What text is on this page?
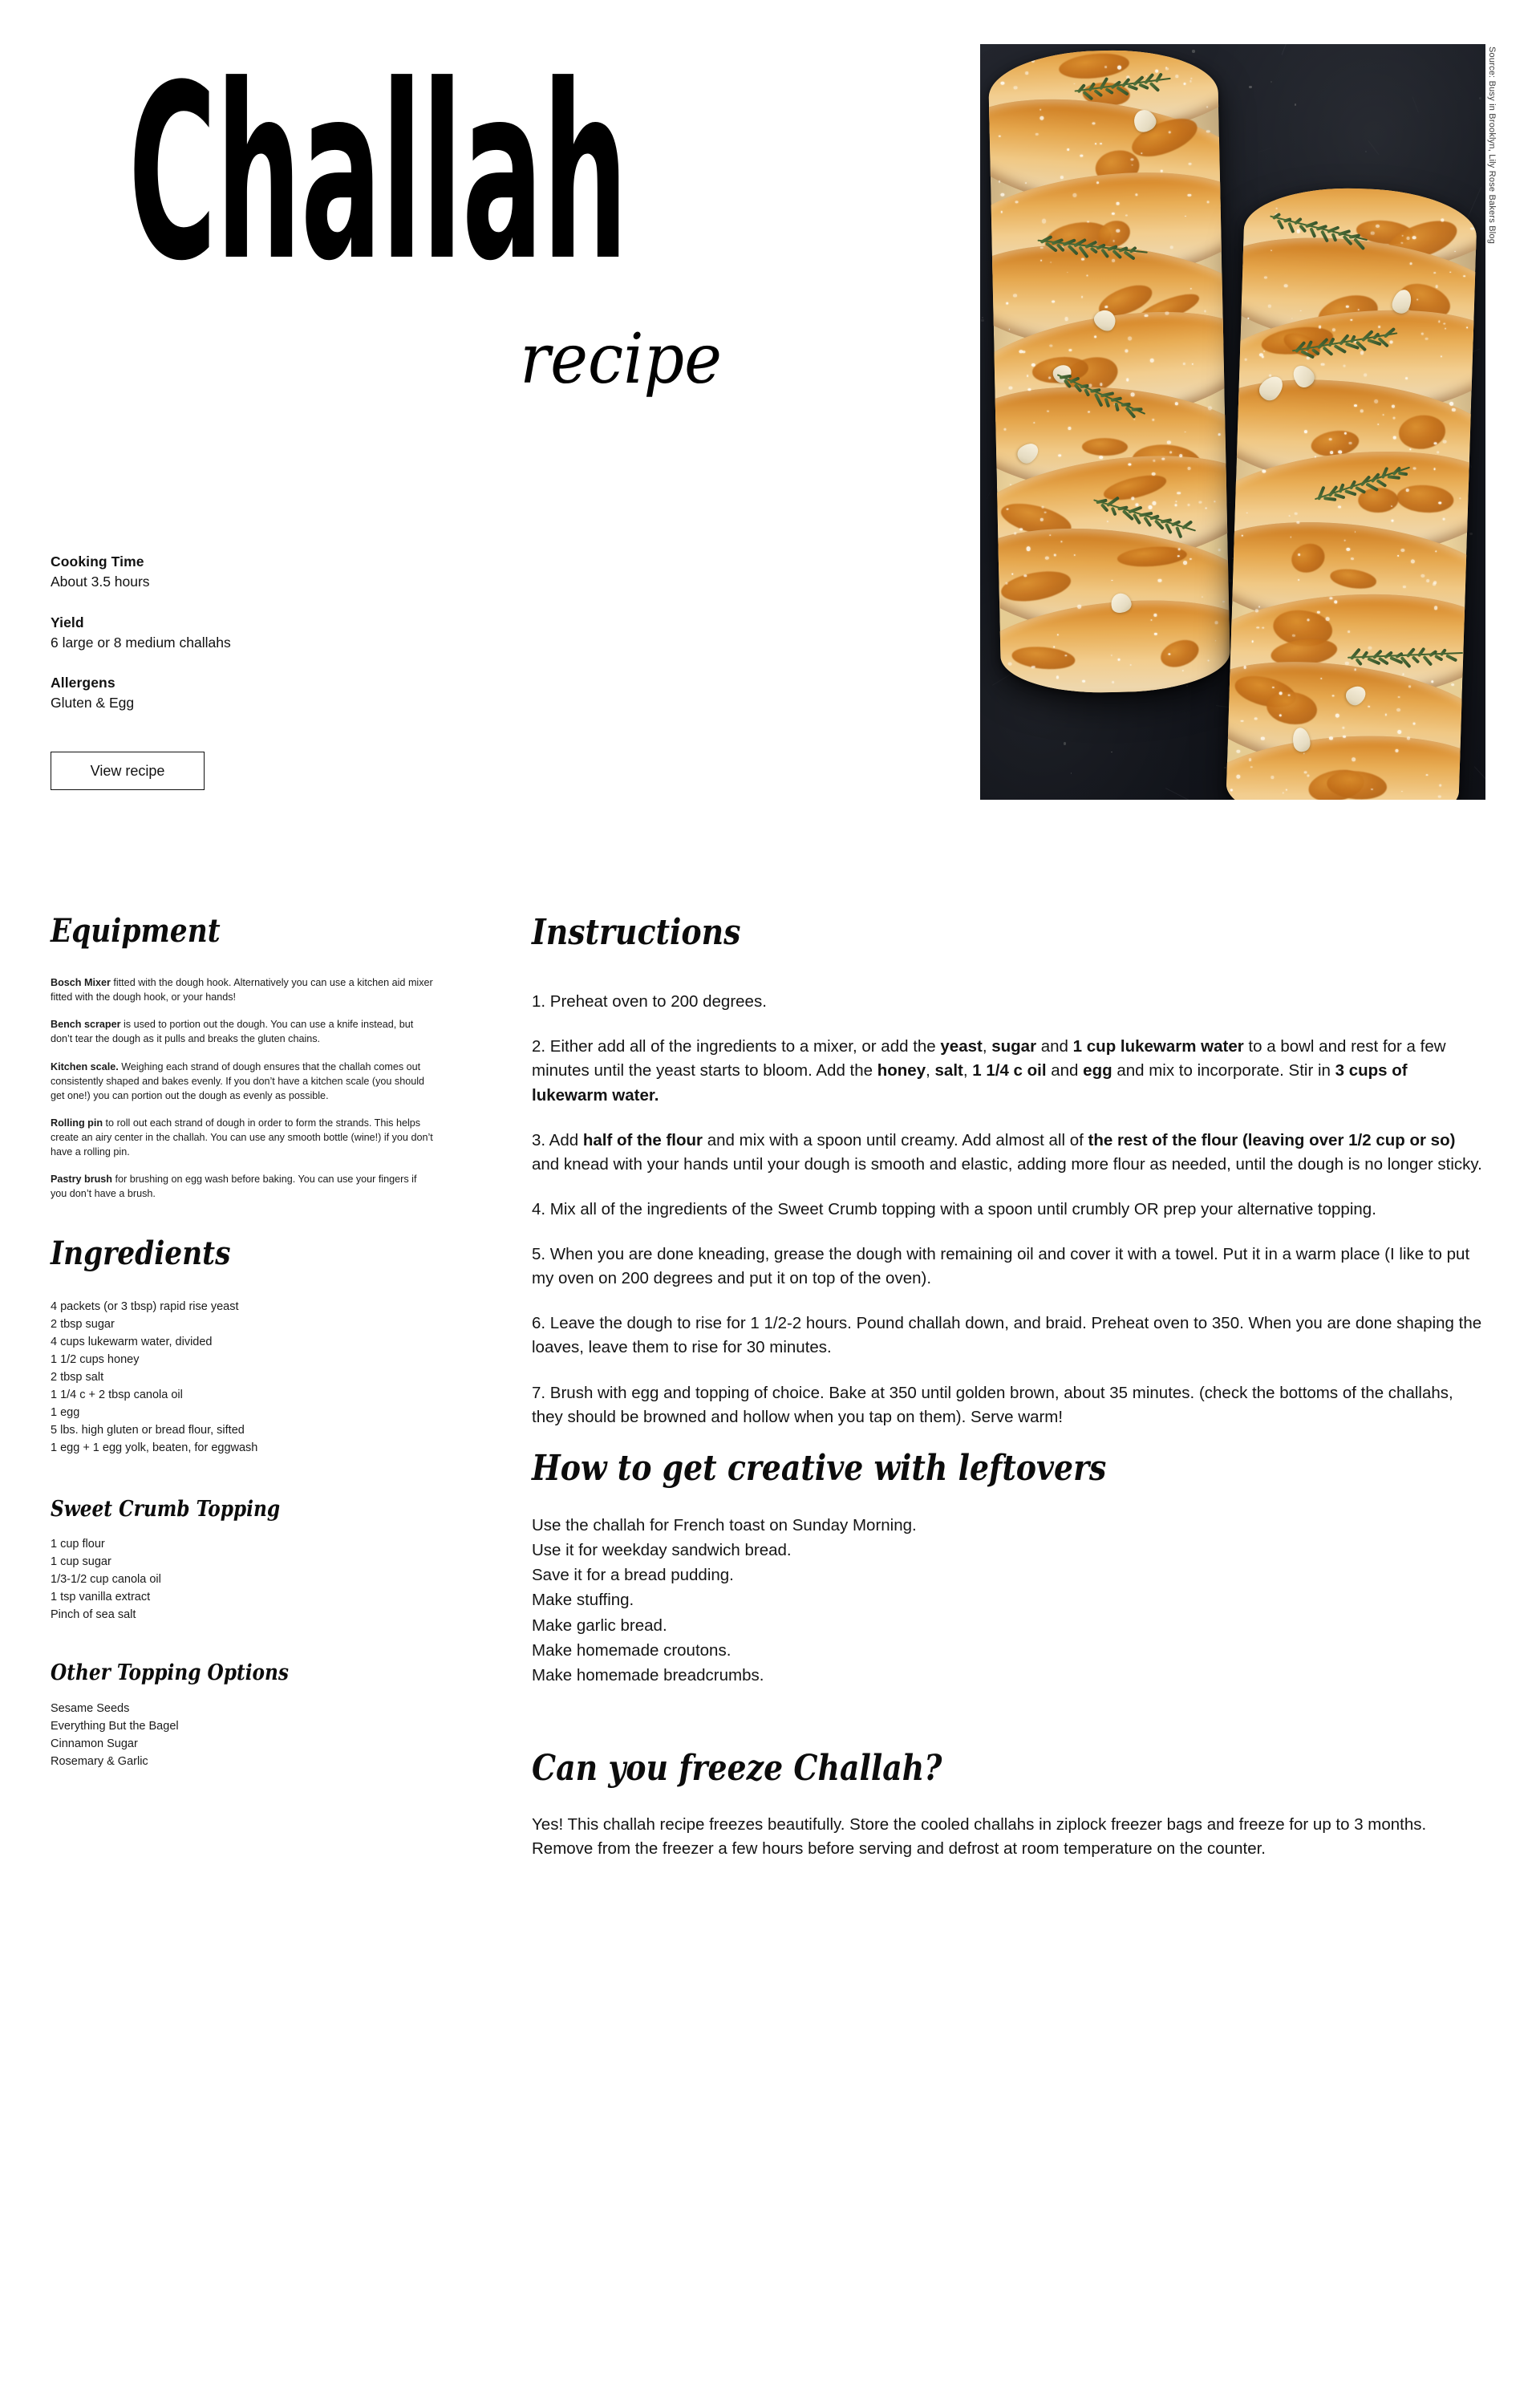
Challah
recipe
Cooking Time
About 3.5 hours
Yield
6 large or 8 medium challahs
Allergens
Gluten & Egg
View recipe
Source: Busy in Brooklyn, Lily Rose Bakers Blog
Equipment

Bosch Mixer fitted with the dough hook. Alternatively you can use a kitchen aid mixer fitted with the dough hook, or your hands!

Bench scraper is used to portion out the dough. You can use a knife instead, but don’t tear the dough as it pulls and breaks the gluten chains.

Kitchen scale. Weighing each strand of dough ensures that the challah comes out consistently shaped and bakes evenly. If you don’t have a kitchen scale (you should get one!) you can portion out the dough as evenly as possible.

Rolling pin to roll out each strand of dough in order to form the strands. This helps create an airy center in the challah. You can use any smooth bottle (wine!) if you don’t have a rolling pin.

Pastry brush for brushing on egg wash before baking. You can use your fingers if you don’t have a brush.

Ingredients
4 packets (or 3 tbsp) rapid rise yeast
2 tbsp sugar
4 cups lukewarm water, divided
1 1/2 cups honey
2 tbsp salt
1 1/4 c + 2 tbsp canola oil
1 egg
5 lbs. high gluten or bread flour, sifted
1 egg + 1 egg yolk, beaten, for eggwash
Sweet Crumb Topping
1 cup flour
1 cup sugar
1/3-1/2 cup canola oil
1 tsp vanilla extract
Pinch of sea salt
Other Topping Options
Sesame Seeds
Everything But the Bagel
Cinnamon Sugar
Rosemary & Garlic
Instructions

1. Preheat oven to 200 degrees.

2. Either add all of the ingredients to a mixer, or add the yeast, sugar and 1 cup lukewarm water to a bowl and rest for a few minutes until the yeast starts to bloom. Add the honey, salt, 1 1/4 c oil and egg and mix to incorporate. Stir in 3 cups of lukewarm water.

3. Add half of the flour and mix with a spoon until creamy. Add almost all of the rest of the flour (leaving over 1/2 cup or so) and knead with your hands until your dough is smooth and elastic, adding more flour as needed, until the dough is no longer sticky.

4. Mix all of the ingredients of the Sweet Crumb topping with a spoon until crumbly OR prep your alternative topping.

5. When you are done kneading, grease the dough with remaining oil and cover it with a towel. Put it in a warm place (I like to put my oven on 200 degrees and put it on top of the oven).

6. Leave the dough to rise for 1 1/2-2 hours. Pound challah down, and braid. Preheat oven to 350. When you are done shaping the loaves, leave them to rise for 30 minutes.

7. Brush with egg and topping of choice. Bake at 350 until golden brown, about 35 minutes. (check the bottoms of the challahs, they should be browned and hollow when you tap on them). Serve warm!

How to get creative with leftovers
Use the challah for French toast on Sunday Morning.
Use it for weekday sandwich bread.
Save it for a bread pudding.
Make stuffing.
Make garlic bread.
Make homemade croutons.
Make homemade breadcrumbs.
Can you freeze Challah?
Yes! This challah recipe freezes beautifully. Store the cooled challahs in ziplock freezer bags and freeze for up to 3 months. Remove from the freezer a few hours before serving and defrost at room temperature on the counter.
